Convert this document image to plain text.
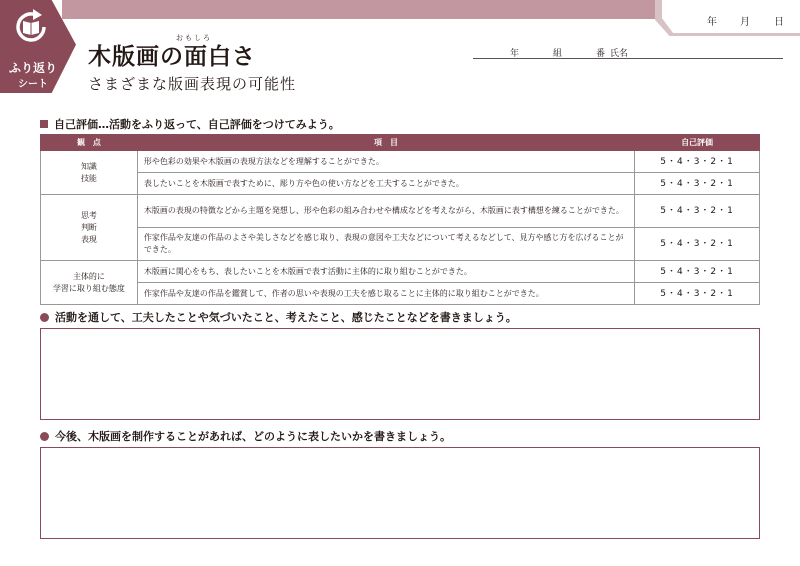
年 月 日
ふり返り
シート
おもしろ
木版画の面白さ
さまざまな版画表現の可能性
年	組	番 氏名
自己評価…活動をふり返って、自己評価をつけてみよう。
観　点	項　目	自己評価
知識
技能	形や色彩の効果や木版画の表現方法などを理解することができた。	5・4・3・2・1
	表したいことを木版画で表すために、彫り方や色の使い方などを工夫することができた。	5・4・3・2・1
思考
判断
表現	木版画の表現の特徴などから主題を発想し、形や色彩の組み合わせや構成などを考えながら、木版画に表す構想を練ることができた。	5・4・3・2・1
	作家作品や友達の作品のよさや美しさなどを感じ取り、表現の意図や工夫などについて考えるなどして、見方や感じ方を広げることができた。	5・4・3・2・1
主体的に
学習に取り組む態度	木版画に関心をもち、表したいことを木版画で表す活動に主体的に取り組むことができた。	5・4・3・2・1
	作家作品や友達の作品を鑑賞して、作者の思いや表現の工夫を感じ取ることに主体的に取り組むことができた。	5・4・3・2・1
活動を通して、工夫したことや気づいたこと、考えたこと、感じたことなどを書きましょう。
今後、木版画を制作することがあれば、どのように表したいかを書きましょう。
